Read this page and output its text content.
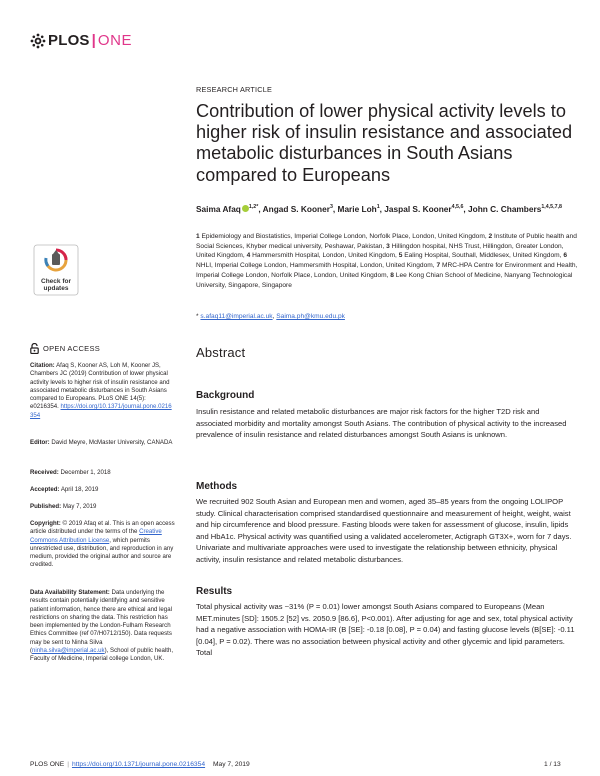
PLOS | ONE
Check for
updates
OPEN ACCESS
Citation: Afaq S, Kooner AS, Loh M, Kooner JS, Chambers JC (2019) Contribution of lower physical activity levels to higher risk of insulin resistance and associated metabolic disturbances in South Asians compared to Europeans. PLoS ONE 14(5): e0216354. https://doi.org/10.1371/journal.pone.0216354
Editor: David Meyre, McMaster University, CANADA
Received: December 1, 2018
Accepted: April 18, 2019
Published: May 7, 2019
Copyright: © 2019 Afaq et al. This is an open access article distributed under the terms of the Creative Commons Attribution License, which permits unrestricted use, distribution, and reproduction in any medium, provided the original author and source are credited.
Data Availability Statement: Data underlying the results contain potentially identifying and sensitive patient information, hence there are ethical and legal restrictions on sharing the data. This restriction has been implemented by the London-Fulham Research Ethics Committee (ref 07/H0712/150). Data requests may be sent to Ninha Silva (ninha.silva@imperial.ac.uk), School of public health, Faculty of Medicine, Imperial college London, UK.
RESEARCH ARTICLE
Contribution of lower physical activity levels to higher risk of insulin resistance and associated metabolic disturbances in South Asians compared to Europeans
Saima Afaq $^{1,2*}$, Angad S. Kooner$^3$, Marie Loh$^1$, Jaspal S. Kooner$^{4,5,6}$, John C. Chambers$^{1,4,5,7,8}$
1 Epidemiology and Biostatistics, Imperial College London, Norfolk Place, London, United Kingdom, 2 Institute of Public health and Social Sciences, Khyber medical university, Peshawar, Pakistan, 3 Hillingdon hospital, NHS Trust, Hillingdon, Greater London, United Kingdom, 4 Hammersmith Hospital, London, United Kingdom, 5 Ealing Hospital, Southall, Middlesex, United Kingdom, 6 NHLI, Imperial College London, Hammersmith Hospital, London, United Kingdom, 7 MRC-HPA Centre for Environment and Health, Imperial College London, Norfolk Place, London, United Kingdom, 8 Lee Kong Chian School of Medicine, Nanyang Technological University, Singapore, Singapore
* s.afaq11@imperial.ac.uk, Saima.ph@kmu.edu.pk
Abstract
Background
Insulin resistance and related metabolic disturbances are major risk factors for the higher T2D risk and associated morbidity and mortality amongst South Asians. The contribution of physical activity to the increased prevalence of insulin resistance and related disturbances amongst South Asians is unknown.
Methods
We recruited 902 South Asian and European men and women, aged 35–85 years from the ongoing LOLIPOP study. Clinical characterisation comprised standardised questionnaire and measurement of height, weight, waist and hip circumference and blood pressure. Fasting bloods were taken for assessment of glucose, insulin, lipids and HbA1c. Physical activity was quantified using a validated accelerometer, Actigraph GT3X+, worn for 7 days. Univariate and multivariate approaches were used to investigate the relationship between ethnicity, physical activity, insulin resistance and related metabolic disturbances.
Results
Total physical activity was ~31% (P = 0.01) lower amongst South Asians compared to Europeans (Mean MET.minutes [SD]: 1505.2 [52] vs. 2050.9 [86.6], P<0.001). After adjusting for age and sex, total physical activity had a negative association with HOMA-IR (B [SE]: -0.18 [0.08], P = 0.04) and fasting glucose levels (B[SE]: -0.11 [0.04], P = 0.02). There was no association between physical activity and other glycemic and lipid parameters. Total
PLOS ONE | https://doi.org/10.1371/journal.pone.0216354 May 7, 2019	1 / 13
